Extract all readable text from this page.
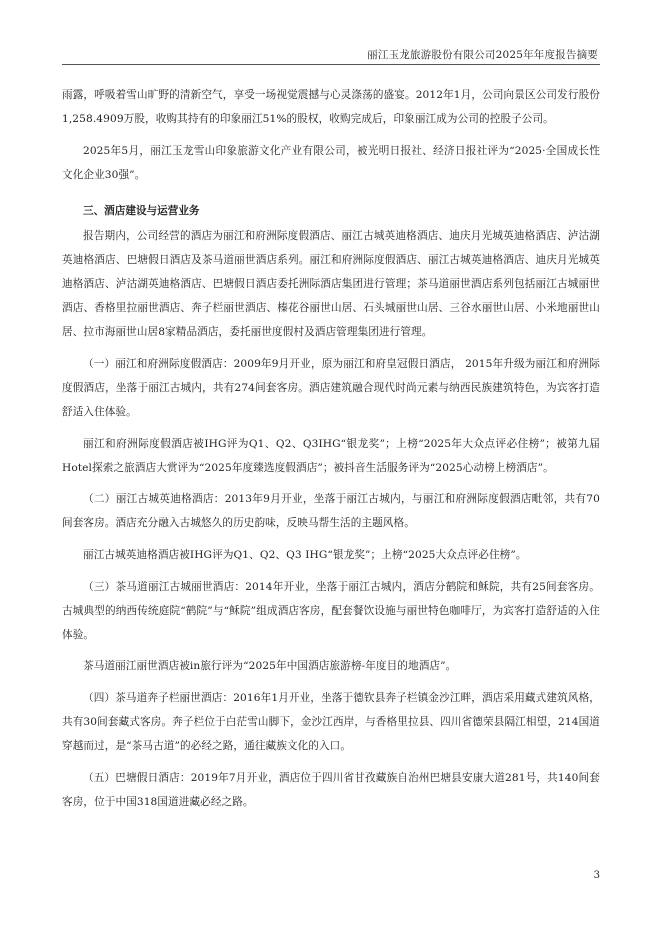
丽江玉龙旅游股份有限公司2025年年度报告摘要

雨露，呼吸着雪山旷野的清新空气，享受一场视觉震撼与心灵涤荡的盛宴。2012年1月，公司向景区公司发行股份1,258.4909万股，收购其持有的印象丽江51%的股权，收购完成后，印象丽江成为公司的控股子公司。

2025年5月，丽江玉龙雪山印象旅游文化产业有限公司，被光明日报社、经济日报社评为“2025·全国成长性文化企业30强”。

三、酒店建设与运营业务

报告期内，公司经营的酒店为丽江和府洲际度假酒店、丽江古城英迪格酒店、迪庆月光城英迪格酒店、泸沽湖英迪格酒店、巴塘假日酒店及茶马道丽世酒店系列。丽江和府洲际度假酒店、丽江古城英迪格酒店、迪庆月光城英迪格酒店、泸沽湖英迪格酒店、巴塘假日酒店委托洲际酒店集团进行管理；茶马道丽世酒店系列包括丽江古城丽世酒店、香格里拉丽世酒店、奔子栏丽世酒店、榛花谷丽世山居、石头城丽世山居、三谷水丽世山居、小米地丽世山居、拉市海丽世山居8家精品酒店，委托丽世度假村及酒店管理集团进行管理。

（一）丽江和府洲际度假酒店：2009年9月开业，原为丽江和府皇冠假日酒店， 2015年升级为丽江和府洲际度假酒店，坐落于丽江古城内，共有274间套客房。酒店建筑融合现代时尚元素与纳西民族建筑特色，为宾客打造舒适入住体验。

丽江和府洲际度假酒店被IHG评为Q1、Q2、Q3IHG“银龙奖”；上榜“2025年大众点评必住榜”；被第九届Hotel探索之旅酒店大赏评为“2025年度臻选度假酒店”；被抖音生活服务评为“2025心动榜上榜酒店”。

（二）丽江古城英迪格酒店：2013年9月开业，坐落于丽江古城内，与丽江和府洲际度假酒店毗邻，共有70间套客房。酒店充分融入古城悠久的历史韵味，反映马帮生活的主题风格。

丽江古城英迪格酒店被IHG评为Q1、Q2、Q3 IHG“银龙奖”；上榜“2025大众点评必住榜”。

（三）茶马道丽江古城丽世酒店：2014年开业，坐落于丽江古城内，酒店分鹤院和稣院，共有25间套客房。古城典型的纳西传统庭院“鹤院”与“稣院”组成酒店客房，配套餐饮设施与丽世特色咖啡厅，为宾客打造舒适的入住体验。

茶马道丽江丽世酒店被in旅行评为“2025年中国酒店旅游榜-年度目的地酒店”。

（四）茶马道奔子栏丽世酒店：2016年1月开业，坐落于德钦县奔子栏镇金沙江畔，酒店采用藏式建筑风格，共有30间套藏式客房。奔子栏位于白茫雪山脚下，金沙江西岸，与香格里拉县、四川省德荣县隔江相望，214国道穿越而过，是“茶马古道”的必经之路，通往藏族文化的入口。

（五）巴塘假日酒店：2019年7月开业，酒店位于四川省甘孜藏族自治州巴塘县安康大道281号，共140间套客房，位于中国318国道进藏必经之路。

3
